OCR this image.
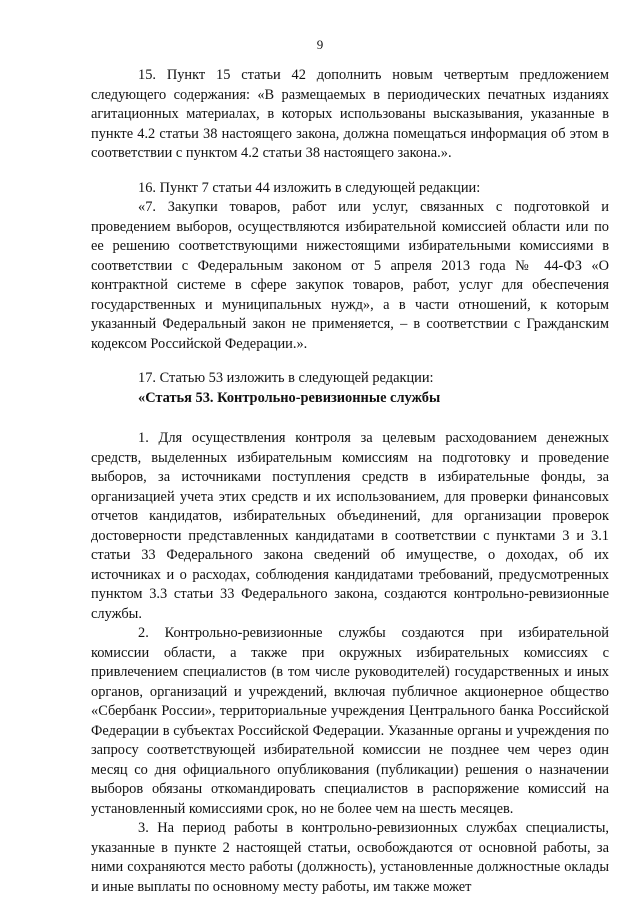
9

15. Пункт 15 статьи 42 дополнить новым четвертым предложением следующего содержания: «В размещаемых в периодических печатных изданиях агитационных материалах, в которых использованы высказывания, указанные в пункте 4.2 статьи 38 настоящего закона, должна помещаться информация об этом в соответствии с пунктом 4.2 статьи 38 настоящего закона.».

16. Пункт 7 статьи 44 изложить в следующей редакции:

«7. Закупки товаров, работ или услуг, связанных с подготовкой и проведением выборов, осуществляются избирательной комиссией области или по ее решению соответствующими нижестоящими избирательными комиссиями в соответствии с Федеральным законом от 5 апреля 2013 года № 44-ФЗ «О контрактной системе в сфере закупок товаров, работ, услуг для обеспечения государственных и муниципальных нужд», а в части отношений, к которым указанный Федеральный закон не применяется, – в соответствии с Гражданским кодексом Российской Федерации.».

17. Статью 53 изложить в следующей редакции:

«Статья 53. Контрольно-ревизионные службы

1. Для осуществления контроля за целевым расходованием денежных средств, выделенных избирательным комиссиям на подготовку и проведение выборов, за источниками поступления средств в избирательные фонды, за организацией учета этих средств и их использованием, для проверки финансовых отчетов кандидатов, избирательных объединений, для организации проверок достоверности представленных кандидатами в соответствии с пунктами 3 и 3.1 статьи 33 Федерального закона сведений об имуществе, о доходах, об их источниках и о расходах, соблюдения кандидатами требований, предусмотренных пунктом 3.3 статьи 33 Федерального закона, создаются контрольно-ревизионные службы.

2. Контрольно-ревизионные службы создаются при избирательной комиссии области, а также при окружных избирательных комиссиях с привлечением специалистов (в том числе руководителей) государственных и иных органов, организаций и учреждений, включая публичное акционерное общество «Сбербанк России», территориальные учреждения Центрального банка Российской Федерации в субъектах Российской Федерации. Указанные органы и учреждения по запросу соответствующей избирательной комиссии не позднее чем через один месяц со дня официального опубликования (публикации) решения о назначении выборов обязаны откомандировать специалистов в распоряжение комиссий на установленный комиссиями срок, но не более чем на шесть месяцев.

3. На период работы в контрольно-ревизионных службах специалисты, указанные в пункте 2 настоящей статьи, освобождаются от основной работы, за ними сохраняются место работы (должность), установленные должностные оклады и иные выплаты по основному месту работы, им также может
